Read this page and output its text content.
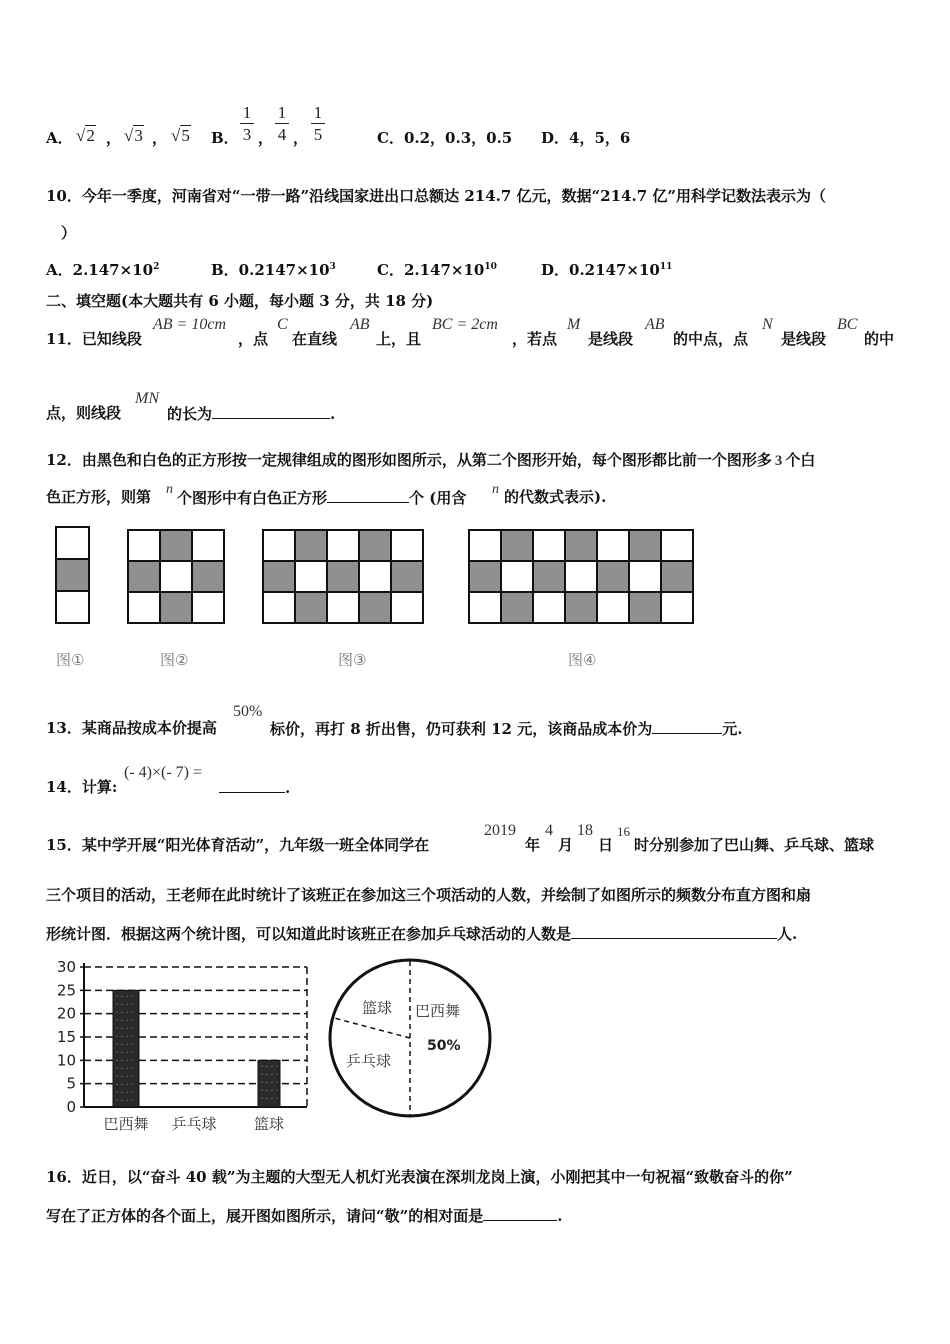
A． √2 ， √3 ， √5 B．
1
3 ，
1
4 ，
1
5	C．0.2，0.3，0.5 D．4，5，6
10．今年一季度，河南省对“一带一路”沿线国家进出口总额达 214.7 亿元，数据“214.7 亿”用科学记数法表示为（
）
A．$2.147\times 10^2$	B．$0.2147\times 10^3$	C．$2.147\times 10^{10}$	D．$0.2147\times 10^{11}$
二、填空题(本大题共有 6 小题，每小题 3 分，共 18 分)
11．已知线段
AB = 10cm
，点
C
在直线
AB
上，且
BC = 2cm
，若点
M
是线段
AB
的中点，点
N
是线段
BC
的中
点，则线段
MN
的长为	.
12．由黑色和白色的正方形按一定规律组成的图形如图所示，从第二个图形开始，每个图形都比前一个图形多 3 个白
色正方形，则第 n 个图形中有白色正方形	个 (用含 n 的代数式表示).

图①	图②	图③	图④
13．某商品按成本价提高
50%
标价，再打 8 折出售，仍可获利 12 元，该商品成本价为	元.
14．计算:
(- 4)×(- 7) =
.
15．某中学开展“阳光体育活动”，九年级一班全体同学在
2019
年
4
月
18
日
16
时分别参加了巴山舞、乒乓球、篮球
三个项目的活动，王老师在此时统计了该班正在参加这三个项活动的人数，并绘制了如图所示的频数分布直方图和扇
形统计图．根据这两个统计图，可以知道此时该班正在参加乒乓球活动的人数是	人.
0
5
10
15
20
25
30
巴西舞 乒乓球 篮球
篮球 巴西舞
50%
乒乓球
16．近日，以“奋斗 40 载”为主题的大型无人机灯光表演在深圳龙岗上演，小刚把其中一句祝福“致敬奋斗的你”
写在了正方体的各个面上，展开图如图所示，请问“敬”的相对面是	.
